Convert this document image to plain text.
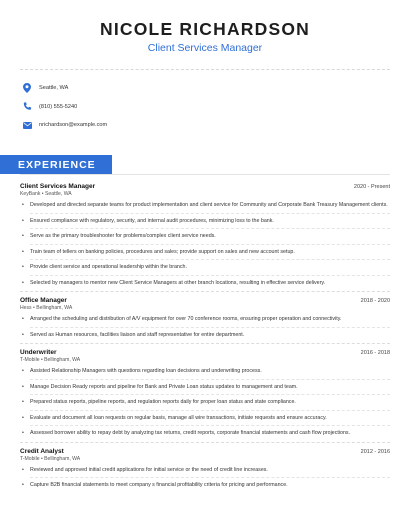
NICOLE RICHARDSON
Client Services Manager
Seattle, WA
(810) 555-5240
nrichardson@example.com
EXPERIENCE
Client Services Manager	2020 - Present
KeyBank • Seattle, WA
•	Developed and directed separate teams for product implementation and client service for Community and Corporate Bank Treasury Management clients.
•	Ensured compliance with regulatory, security, and internal audit procedures, minimizing loss to the bank.
•	Serve as the primary troubleshooter for problems/complex client service needs.
•	Train team of tellers on banking policies, procedures and sales; provide support on sales and new account setup.
•	Provide client service and operational leadership within the branch.
•	Selected by managers to mentor new Client Service Managers at other branch locations, resulting in effective service delivery.
Office Manager	2018 - 2020
Hess • Bellingham, WA
•	Arranged the scheduling and distribution of A/V equipment for over 70 conference rooms, ensuring proper operation and connectivity.
•	Served as Human resources, facilities liaison and staff representative for entire department.
Underwriter	2016 - 2018
T-Mobile • Bellingham, WA
•	Assisted Relationship Managers with questions regarding loan decisions and underwriting process.
•	Manage Decision Ready reports and pipeline for Bank and Private Loan status updates to management and team.
•	Prepared status reports, pipeline reports, and regulation reports daily for proper loan status and state compliance.
•	Evaluate and document all loan requests on regular basis, manage all wire transactions, initiate requests and ensure accuracy.
•	Assessed borrower ability to repay debt by analyzing tax returns, credit reports, corporate financial statements and cash flow projections.
Credit Analyst	2012 - 2016
T-Mobile • Bellingham, WA
•	Reviewed and approved initial credit applications for initial service or the need of credit line increases.
•	Capture B2B financial statements to meet company s financial profitability criteria for pricing and performance.
